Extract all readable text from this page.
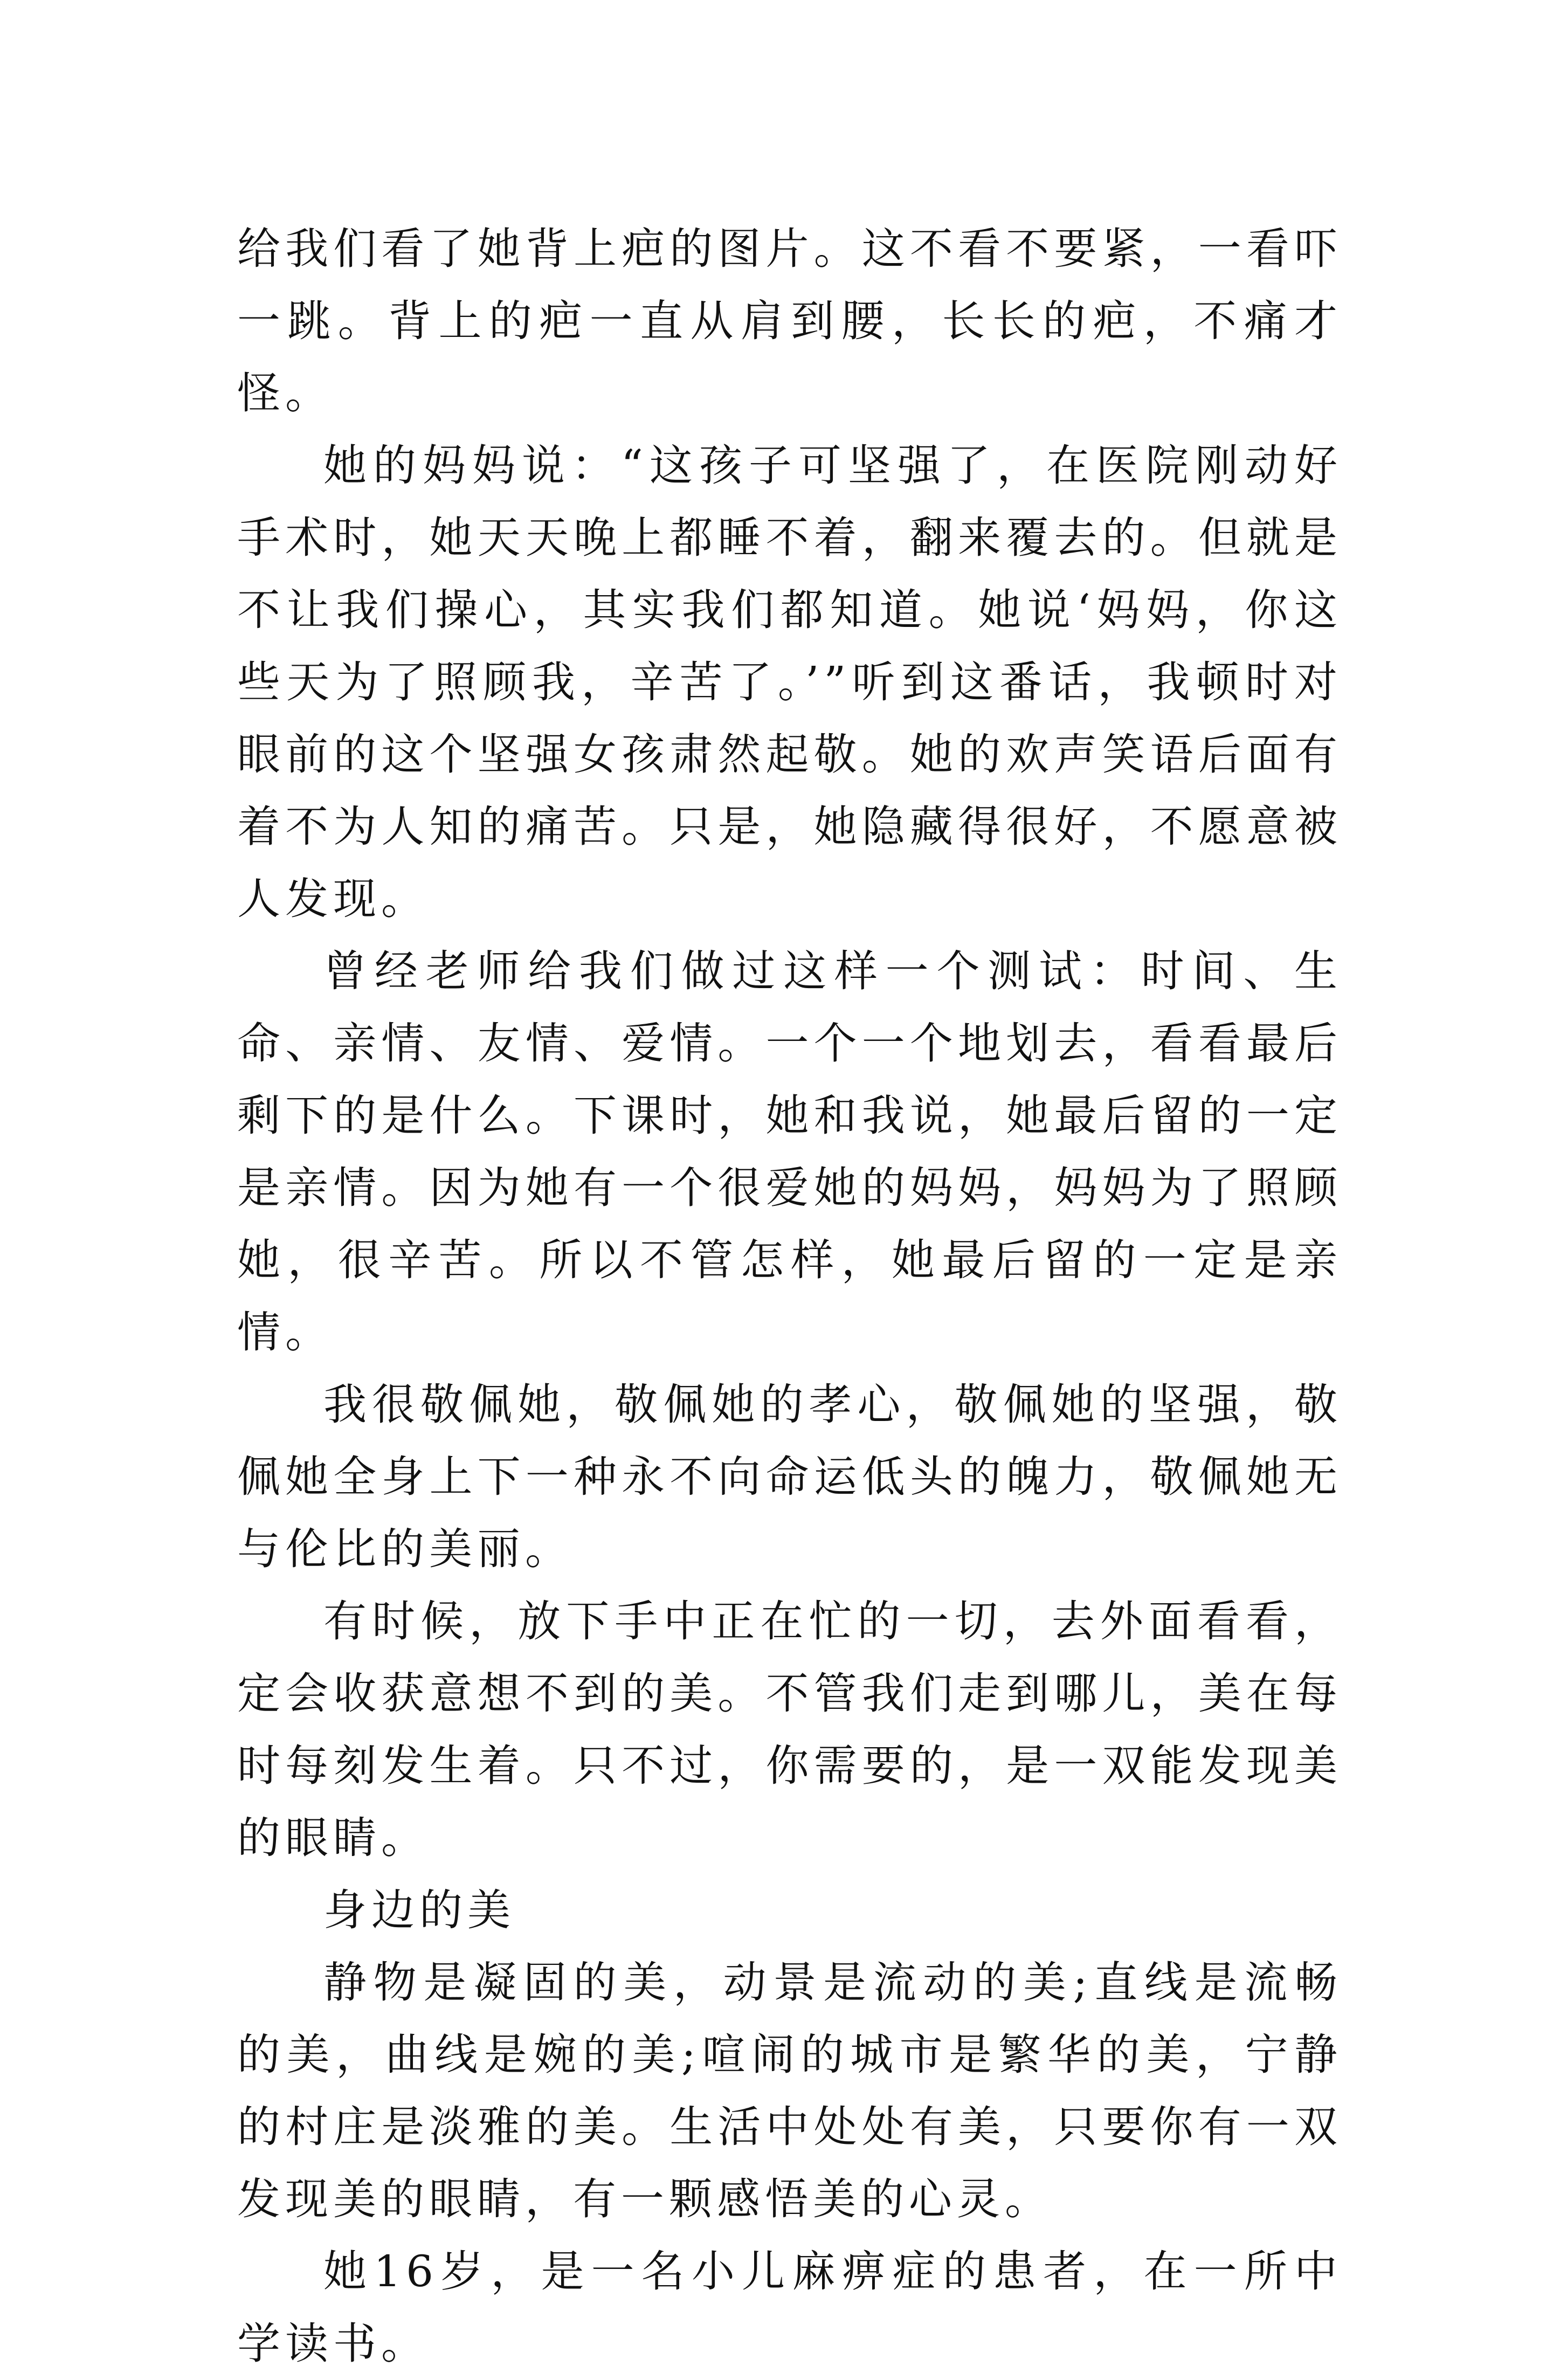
给我们看了她背上疤的图片。这不看不要紧，一看吓一跳。背上的疤一直从肩到腰，长长的疤，不痛才怪。

她的妈妈说：“这孩子可坚强了，在医院刚动好手术时，她天天晚上都睡不着，翻来覆去的。但就是不让我们操心，其实我们都知道。她说‘妈妈，你这些天为了照顾我，辛苦了。’”听到这番话，我顿时对眼前的这个坚强女孩肃然起敬。她的欢声笑语后面有着不为人知的痛苦。只是，她隐藏得很好，不愿意被人发现。

曾经老师给我们做过这样一个测试：时间、生命、亲情、友情、爱情。一个一个地划去，看看最后剩下的是什么。下课时，她和我说，她最后留的一定是亲情。因为她有一个很爱她的妈妈，妈妈为了照顾她，很辛苦。所以不管怎样，她最后留的一定是亲情。

我很敬佩她，敬佩她的孝心，敬佩她的坚强，敬佩她全身上下一种永不向命运低头的魄力，敬佩她无与伦比的美丽。

有时候，放下手中正在忙的一切，去外面看看，定会收获意想不到的美。不管我们走到哪儿，美在每时每刻发生着。只不过，你需要的，是一双能发现美的眼睛。

身边的美

静物是凝固的美，动景是流动的美;直线是流畅的美，曲线是婉的美;喧闹的城市是繁华的美，宁静的村庄是淡雅的美。生活中处处有美，只要你有一双发现美的眼睛，有一颗感悟美的心灵。

她16岁，是一名小儿麻痹症的患者，在一所中学读书。
